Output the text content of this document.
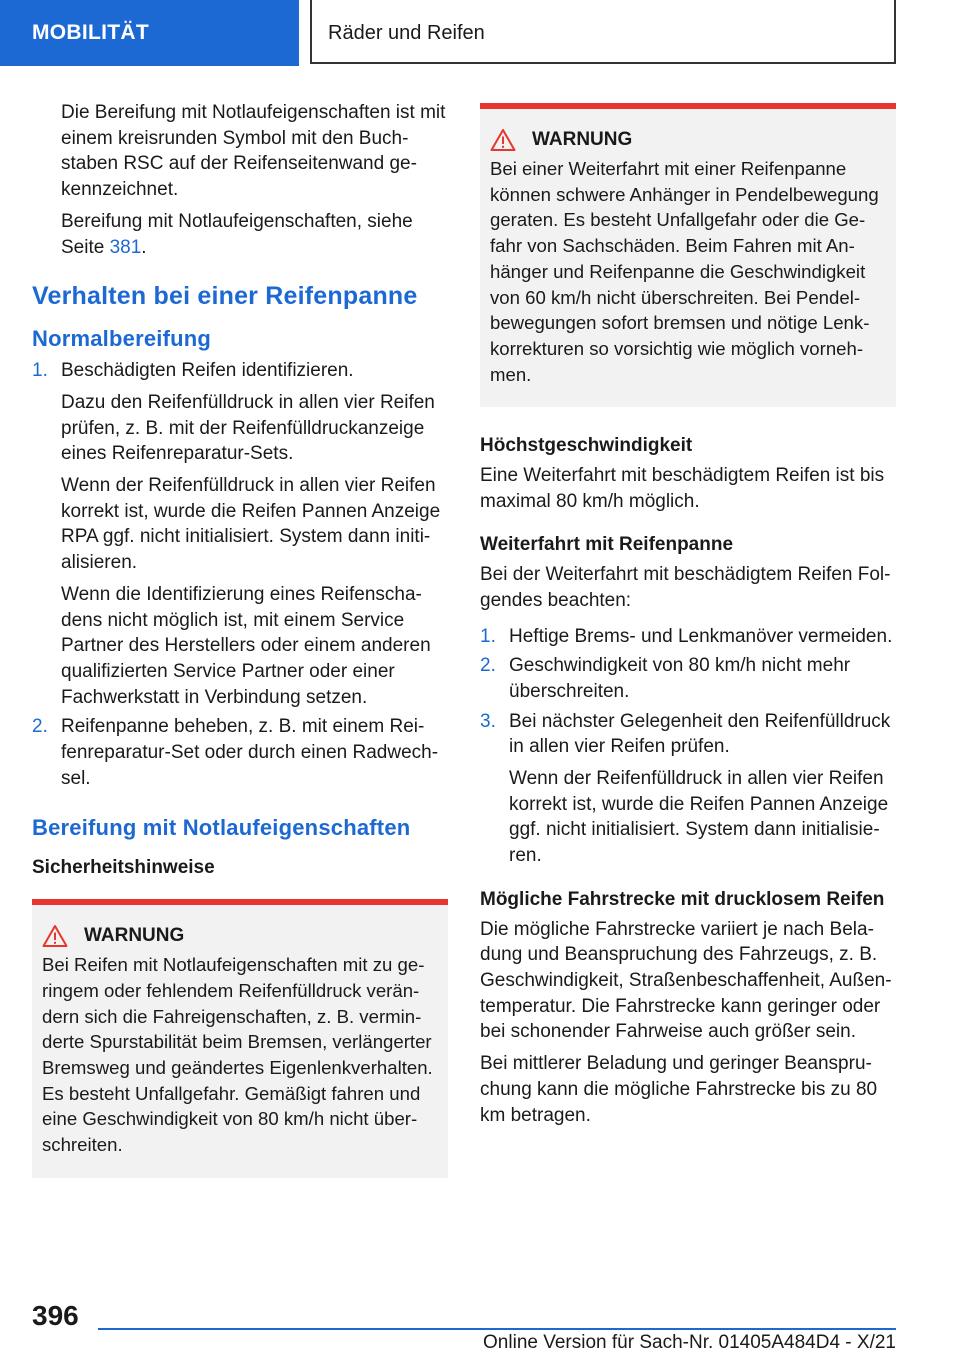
MOBILITÄT	Räder und Reifen

Die Bereifung mit Notlaufeigenschaften ist mit einem kreisrunden Symbol mit den Buchstaben RSC auf der Reifenseitenwand gekennzeichnet.

Bereifung mit Notlaufeigenschaften, siehe Seite 381.

Verhalten bei einer Reifenpanne
Normalbereifung
1. Beschädigten Reifen identifizieren.

Dazu den Reifenfülldruck in allen vier Reifen prüfen, z. B. mit der Reifenfülldruckanzeige eines Reifenreparatur-Sets.

Wenn der Reifenfülldruck in allen vier Reifen korrekt ist, wurde die Reifen Pannen Anzeige RPA ggf. nicht initialisiert. System dann initialisieren.

Wenn die Identifizierung eines Reifenschadens nicht möglich ist, mit einem Service Partner des Herstellers oder einem anderen qualifizierten Service Partner oder einer Fachwerkstatt in Verbindung setzen.

2. Reifenpanne beheben, z. B. mit einem Reifenreparatur-Set oder durch einen Radwechsel.

Bereifung mit Notlaufeigenschaften
Sicherheitshinweise
WARNUNG

Bei Reifen mit Notlaufeigenschaften mit zu geringem oder fehlendem Reifenfülldruck verändern sich die Fahreigenschaften, z. B. verminderte Spurstabilität beim Bremsen, verlängerter Bremsweg und geändertes Eigenlenkverhalten. Es besteht Unfallgefahr. Gemäßigt fahren und eine Geschwindigkeit von 80 km/h nicht überschreiten.

WARNUNG

Bei einer Weiterfahrt mit einer Reifenpanne können schwere Anhänger in Pendelbewegung geraten. Es besteht Unfallgefahr oder die Gefahr von Sachschäden. Beim Fahren mit Anhänger und Reifenpanne die Geschwindigkeit von 60 km/h nicht überschreiten. Bei Pendelbewegungen sofort bremsen und nötige Lenkkorrekturen so vorsichtig wie möglich vornehmen.

Höchstgeschwindigkeit

Eine Weiterfahrt mit beschädigtem Reifen ist bis maximal 80 km/h möglich.

Weiterfahrt mit Reifenpanne

Bei der Weiterfahrt mit beschädigtem Reifen Folgendes beachten:

1. Heftige Brems- und Lenkmanöver vermeiden.

2. Geschwindigkeit von 80 km/h nicht mehr überschreiten.

3. Bei nächster Gelegenheit den Reifenfülldruck in allen vier Reifen prüfen.

Wenn der Reifenfülldruck in allen vier Reifen korrekt ist, wurde die Reifen Pannen Anzeige ggf. nicht initialisiert. System dann initialisieren.

Mögliche Fahrstrecke mit drucklosem Reifen

Die mögliche Fahrstrecke variiert je nach Beladung und Beanspruchung des Fahrzeugs, z. B. Geschwindigkeit, Straßenbeschaffenheit, Außentemperatur. Die Fahrstrecke kann geringer oder bei schonender Fahrweise auch größer sein.

Bei mittlerer Beladung und geringer Beanspruchung kann die mögliche Fahrstrecke bis zu 80 km betragen.

396
Online Version für Sach-Nr. 01405A484D4 - X/21
